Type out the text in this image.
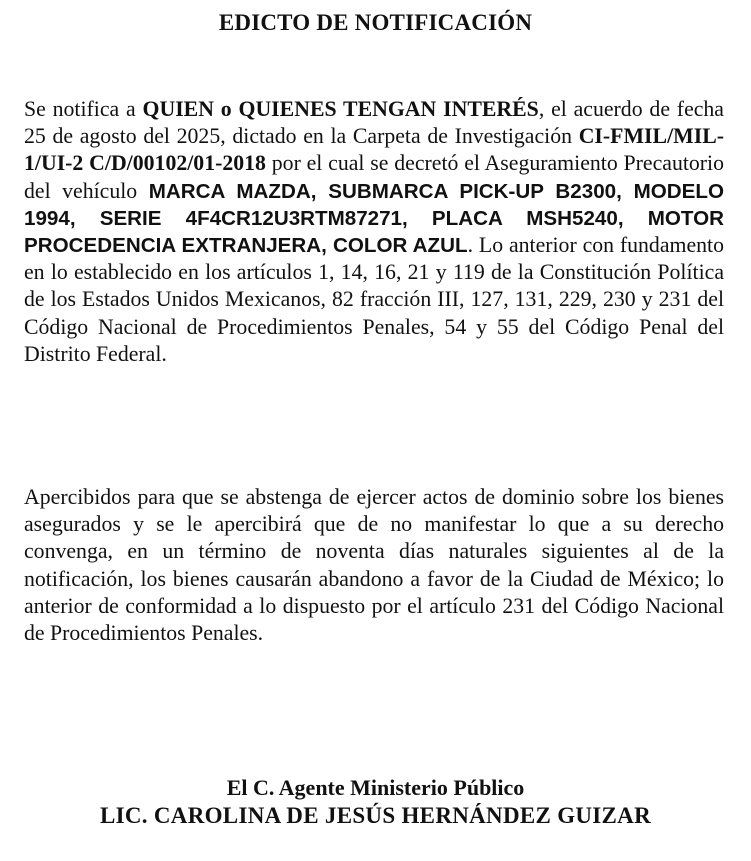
EDICTO DE NOTIFICACIÓN
Se notifica a QUIEN o QUIENES TENGAN INTERÉS, el acuerdo de fecha 25 de agosto del 2025, dictado en la Carpeta de Investigación CI-FMIL/MIL-1/UI-2 C/D/00102/01-2018 por el cual se decretó el Aseguramiento Precautorio del vehículo MARCA MAZDA, SUBMARCA PICK-UP B2300, MODELO 1994, SERIE 4F4CR12U3RTM87271, PLACA MSH5240, MOTOR PROCEDENCIA EXTRANJERA, COLOR AZUL. Lo anterior con fundamento en lo establecido en los artículos 1, 14, 16, 21 y 119 de la Constitución Política de los Estados Unidos Mexicanos, 82 fracción III, 127, 131, 229, 230 y 231 del Código Nacional de Procedimientos Penales, 54 y 55 del Código Penal del Distrito Federal.
Apercibidos para que se abstenga de ejercer actos de dominio sobre los bienes asegurados y se le apercibirá que de no manifestar lo que a su derecho convenga, en un término de noventa días naturales siguientes al de la notificación, los bienes causarán abandono a favor de la Ciudad de México; lo anterior de conformidad a lo dispuesto por el artículo 231 del Código Nacional de Procedimientos Penales.
El C. Agente Ministerio Público
LIC. CAROLINA DE JESÚS HERNÁNDEZ GUIZAR
